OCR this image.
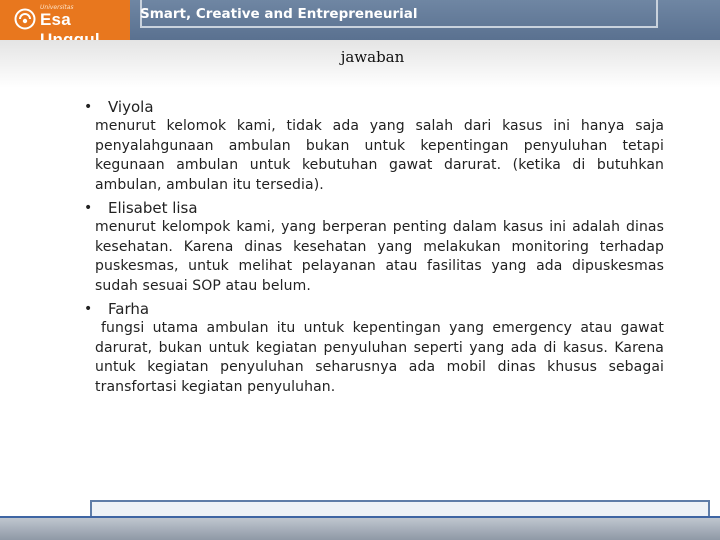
Universitas
Esa	Smart, Creative and Entrepreneurial
jawaban
•	Viyola
menurut kelomok kami, tidak ada yang salah dari kasus ini hanya saja penyalahgunaan ambulan bukan untuk kepentingan penyuluhan tetapi kegunaan ambulan untuk kebutuhan gawat darurat. (ketika di butuhkan ambulan, ambulan itu tersedia).
•	Elisabet lisa
menurut kelompok kami, yang berperan penting dalam kasus ini adalah dinas kesehatan. Karena dinas kesehatan yang melakukan monitoring terhadap puskesmas, untuk melihat pelayanan atau fasilitas yang ada dipuskesmas sudah sesuai SOP atau belum.
•	Farha
fungsi utama ambulan itu untuk kepentingan yang emergency atau gawat darurat, bukan untuk kegiatan penyuluhan seperti yang ada di kasus. Karena untuk kegiatan penyuluhan seharusnya ada mobil dinas khusus sebagai transfortasi kegiatan penyuluhan.
